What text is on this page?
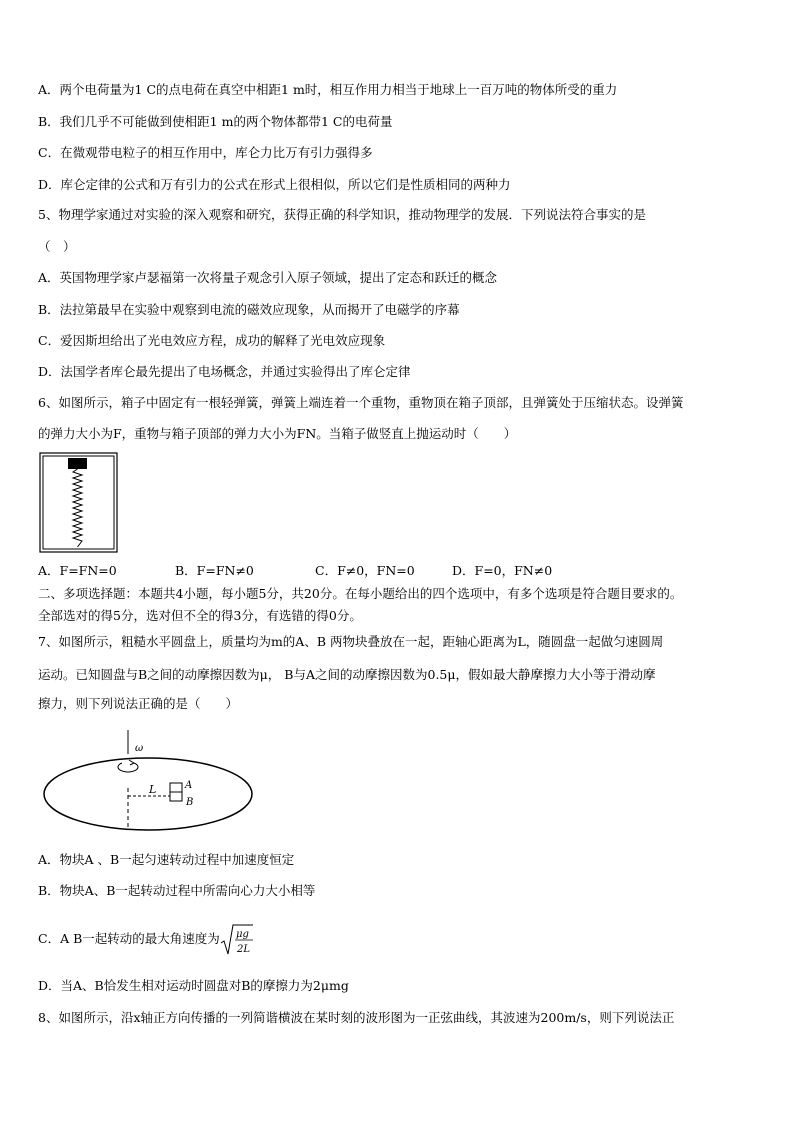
A．两个电荷量为1 C的点电荷在真空中相距1 m时，相互作用力相当于地球上一百万吨的物体所受的重力
B．我们几乎不可能做到使相距1 m的两个物体都带1 C的电荷量
C．在微观带电粒子的相互作用中，库仑力比万有引力强得多
D．库仑定律的公式和万有引力的公式在形式上很相似，所以它们是性质相同的两种力
5、物理学家通过对实验的深入观察和研究，获得正确的科学知识，推动物理学的发展．下列说法符合事实的是
（　）
A．英国物理学家卢瑟福第一次将量子观念引入原子领域，提出了定态和跃迁的概念
B．法拉第最早在实验中观察到电流的磁效应现象，从而揭开了电磁学的序幕
C．爱因斯坦给出了光电效应方程，成功的解释了光电效应现象
D．法国学者库仑最先提出了电场概念，并通过实验得出了库仑定律
6、如图所示，箱子中固定有一根轻弹簧，弹簧上端连着一个重物，重物顶在箱子顶部，且弹簧处于压缩状态。设弹簧
的弹力大小为F，重物与箱子顶部的弹力大小为FN。当箱子做竖直上抛运动时（　　）
A．F=FN=0	B．F=FN≠0	C．F≠0，FN=0	D．F=0，FN≠0
二、多项选择题：本题共4小题，每小题5分，共20分。在每小题给出的四个选项中，有多个选项是符合题目要求的。
全部选对的得5分，选对但不全的得3分，有选错的得0分。
7、如图所示，粗糙水平圆盘上，质量均为m的A、B 两物块叠放在一起，距轴心距离为L，随圆盘一起做匀速圆周
运动。已知圆盘与B之间的动摩擦因数为μ， B与A之间的动摩擦因数为0.5μ，假如最大静摩擦力大小等于滑动摩
擦力，则下列说法正确的是（　　）
ω
L	A
B
A．物块A 、B一起匀速转动过程中加速度恒定
B．物块A、B一起转动过程中所需向心力大小相等
C．A B一起转动的最大角速度为 μg
2L
D．当A、B恰发生相对运动时圆盘对B的摩擦力为2μmg
8、如图所示，沿x轴正方向传播的一列简谐横波在某时刻的波形图为一正弦曲线，其波速为200m/s，则下列说法正
